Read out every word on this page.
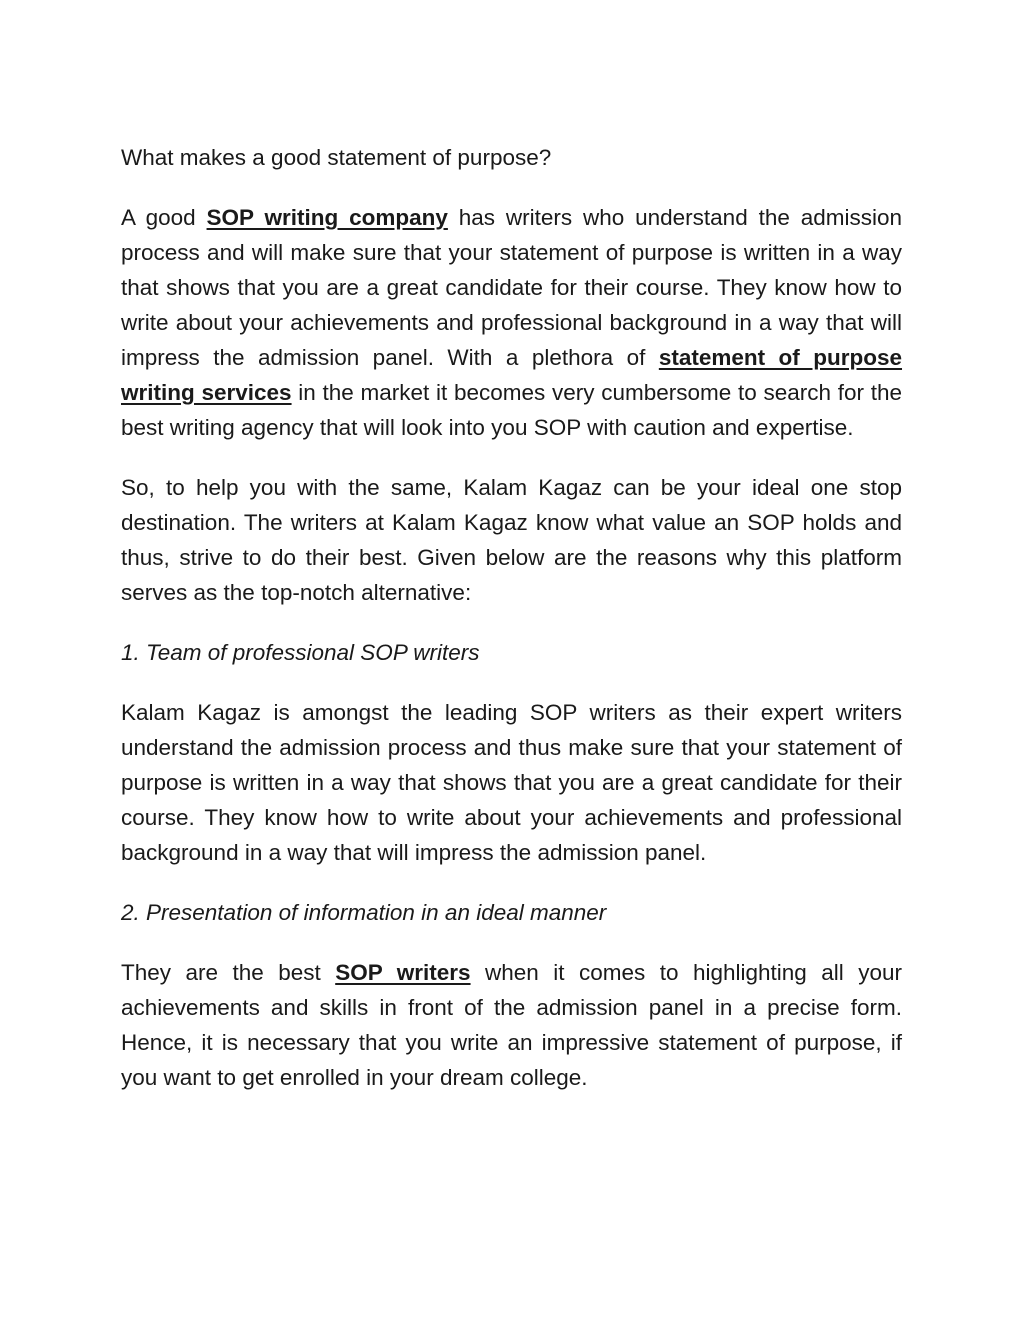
What makes a good statement of purpose?

A good SOP writing company has writers who understand the admission process and will make sure that your statement of purpose is written in a way that shows that you are a great candidate for their course. They know how to write about your achievements and professional background in a way that will impress the admission panel. With a plethora of statement of purpose writing services in the market it becomes very cumbersome to search for the best writing agency that will look into you SOP with caution and expertise.

So, to help you with the same, Kalam Kagaz can be your ideal one stop destination. The writers at Kalam Kagaz know what value an SOP holds and thus, strive to do their best. Given below are the reasons why this platform serves as the top-notch alternative:

1. Team of professional SOP writers

Kalam Kagaz is amongst the leading SOP writers as their expert writers understand the admission process and thus make sure that your statement of purpose is written in a way that shows that you are a great candidate for their course. They know how to write about your achievements and professional background in a way that will impress the admission panel.

2. Presentation of information in an ideal manner

They are the best SOP writers when it comes to highlighting all your achievements and skills in front of the admission panel in a precise form. Hence, it is necessary that you write an impressive statement of purpose, if you want to get enrolled in your dream college.
